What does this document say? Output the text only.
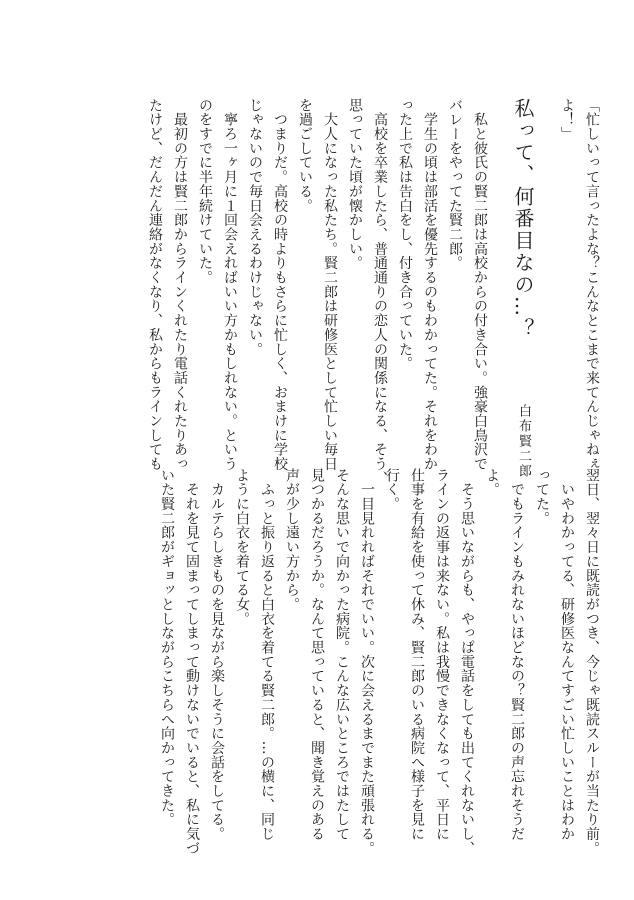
「忙しいって言ったよな？こんなとこまで来てんじゃねぇ

よ！」

私って、何番目なの…？白布賢二郎

　私と彼氏の賢二郎は高校からの付き合い。強豪白鳥沢で

バレーをやってた賢二郎。

　学生の頃は部活を優先するのもわかってた。それをわか

った上で私は告白をし、付き合っていた。

　高校を卒業したら、普通通りの恋人の関係になる、そう、

思っていた頃が懐かしい。

　大人になった私たち。賢二郎は研修医として忙しい毎日

を過ごしている。

　つまりだ。高校の時よりもさらに忙しく、おまけに学校

じゃないので毎日会えるわけじゃない。

　寧ろ一ヶ月に１回会えればいい方かもしれない。という

のをすでに半年続けていた。

　最初の方は賢二郎からラインくれたり電話くれたりあっ

たけど、だんだん連絡がなくなり、私からもラインしても

翌日、翌々日に既読がつき、今じゃ既読スルーが当たり前。

　いやわかってる、研修医なんてすごい忙しいことはわか

ってた。

　でもラインもみれないほどなの？賢二郎の声忘れそうだ

よ。

　そう思いながらも、やっぱ電話をしても出てくれないし、

ラインの返事は来ない。私は我慢できなくなって、平日に

仕事を有給を使って休み、賢二郎のいる病院へ様子を見に

行く。

　一目見れればそれでいい。次に会えるまでまた頑張れる。

そんな思いで向かった病院。こんな広いところではたして

見つかるだろうか。なんて思っていると、聞き覚えのある

声が少し遠い方から。

　ふっと振り返ると白衣を着てる賢二郎。…の横に、同じ

ように白衣を着てる女。

　カルテらしきものを見ながら楽しそうに会話をしてる。

　それを見て固まってしまって動けないでいると、私に気づ

いた賢二郎がギョッとしながらこちらへ向かってきた。
